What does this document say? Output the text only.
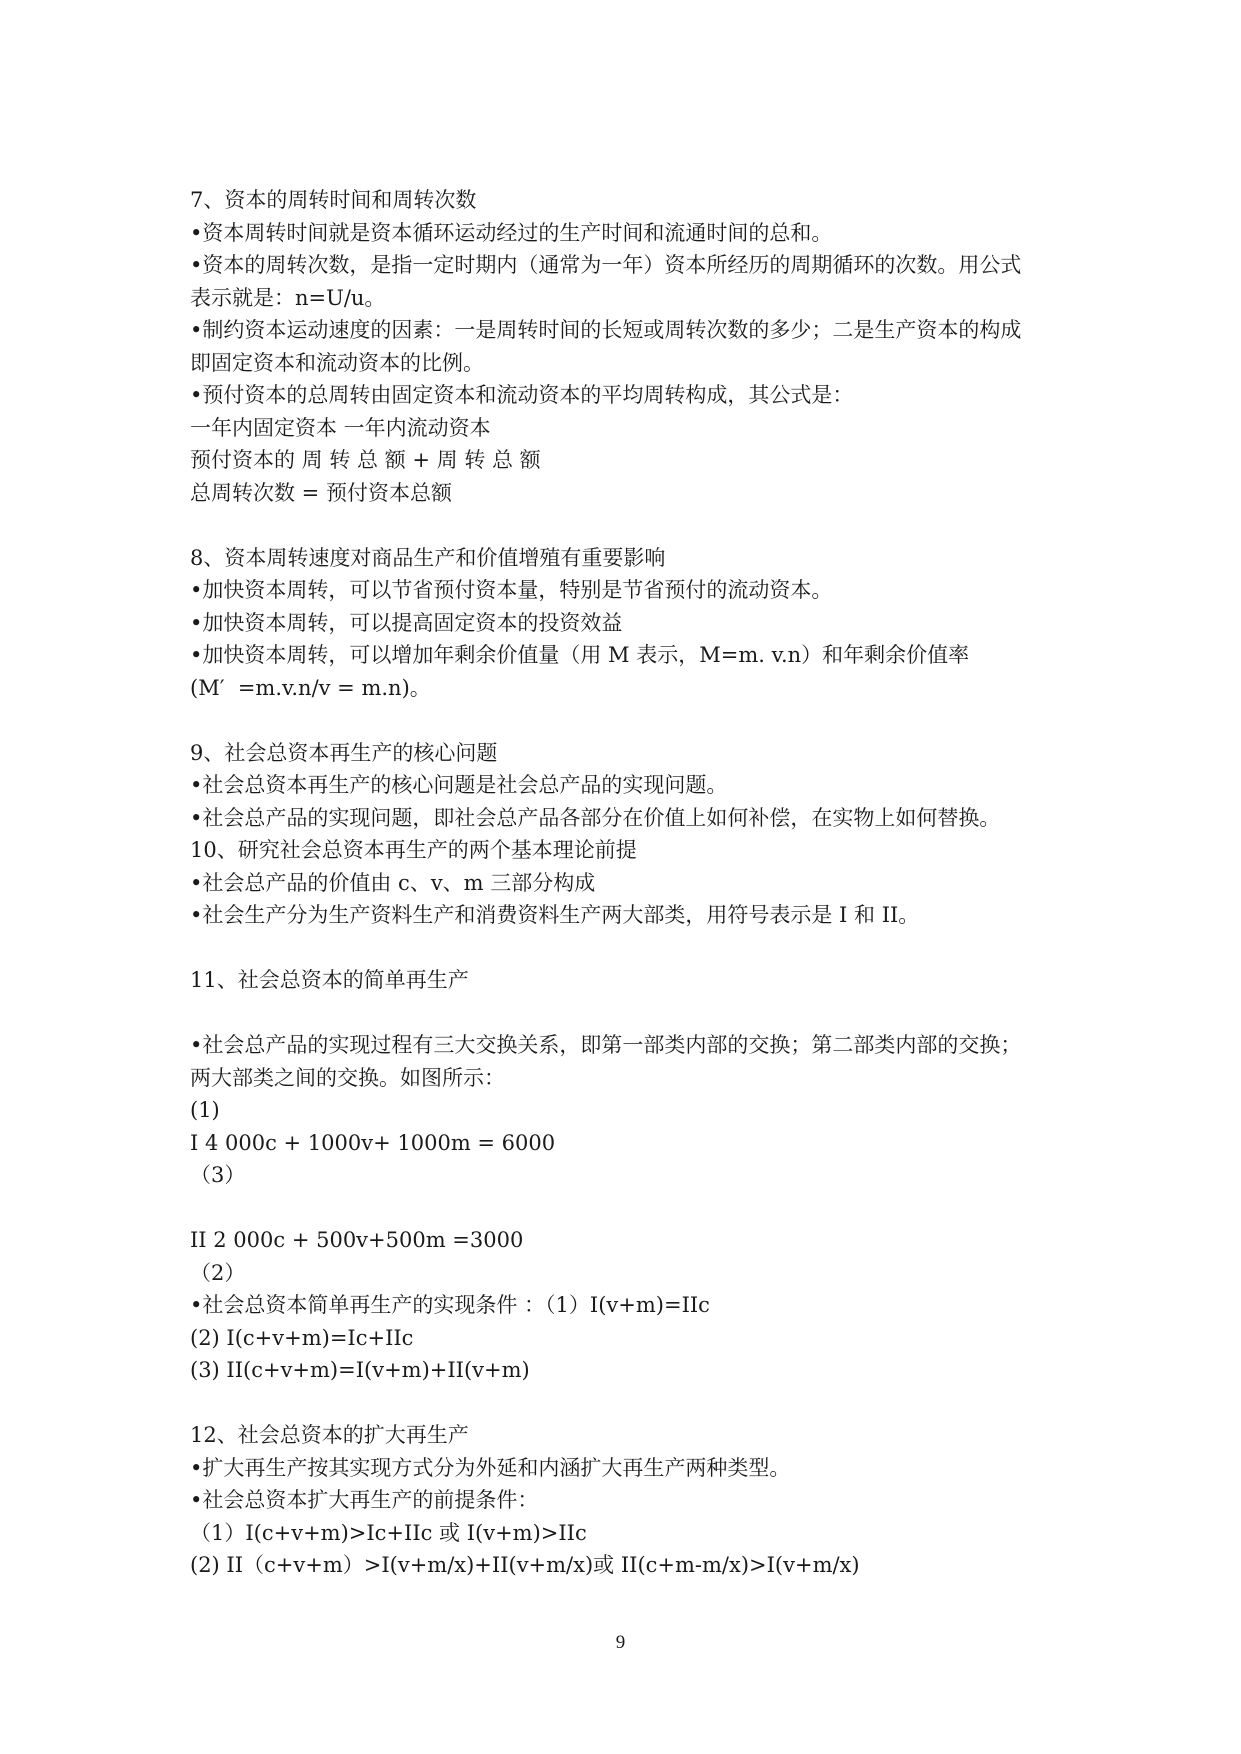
7、资本的周转时间和周转次数
•资本周转时间就是资本循环运动经过的生产时间和流通时间的总和。
•资本的周转次数，是指一定时期内（通常为一年）资本所经历的周期循环的次数。用公式
表示就是：n=U/u。
•制约资本运动速度的因素：一是周转时间的长短或周转次数的多少；二是生产资本的构成
即固定资本和流动资本的比例。
•预付资本的总周转由固定资本和流动资本的平均周转构成，其公式是：
一年内固定资本 一年内流动资本
预付资本的 周 转 总 额 + 周 转 总 额
总周转次数 = 预付资本总额
8、资本周转速度对商品生产和价值增殖有重要影响
•加快资本周转，可以节省预付资本量，特别是节省预付的流动资本。
•加快资本周转，可以提高固定资本的投资效益
•加快资本周转，可以增加年剩余价值量（用 M 表示，M=m. v.n）和年剩余价值率
(M′  =m.v.n/v = m.n)。
9、社会总资本再生产的核心问题
•社会总资本再生产的核心问题是社会总产品的实现问题。
•社会总产品的实现问题，即社会总产品各部分在价值上如何补偿，在实物上如何替换。
10、研究社会总资本再生产的两个基本理论前提
•社会总产品的价值由 c、v、m 三部分构成
•社会生产分为生产资料生产和消费资料生产两大部类，用符号表示是 I 和 II。
11、社会总资本的简单再生产
•社会总产品的实现过程有三大交换关系，即第一部类内部的交换；第二部类内部的交换；
两大部类之间的交换。如图所示：
(1)
I 4 000c + 1000v+ 1000m = 6000
（3）
II 2 000c + 500v+500m =3000
（2）
•社会总资本简单再生产的实现条件 ：（1）I(v+m)=IIc
(2) I(c+v+m)=Ic+IIc
(3) II(c+v+m)=I(v+m)+II(v+m)
12、社会总资本的扩大再生产
•扩大再生产按其实现方式分为外延和内涵扩大再生产两种类型。
•社会总资本扩大再生产的前提条件：
（1）I(c+v+m)>Ic+IIc 或 I(v+m)>IIc
(2) II（c+v+m）>I(v+m/x)+II(v+m/x)或 II(c+m-m/x)>I(v+m/x)
9
